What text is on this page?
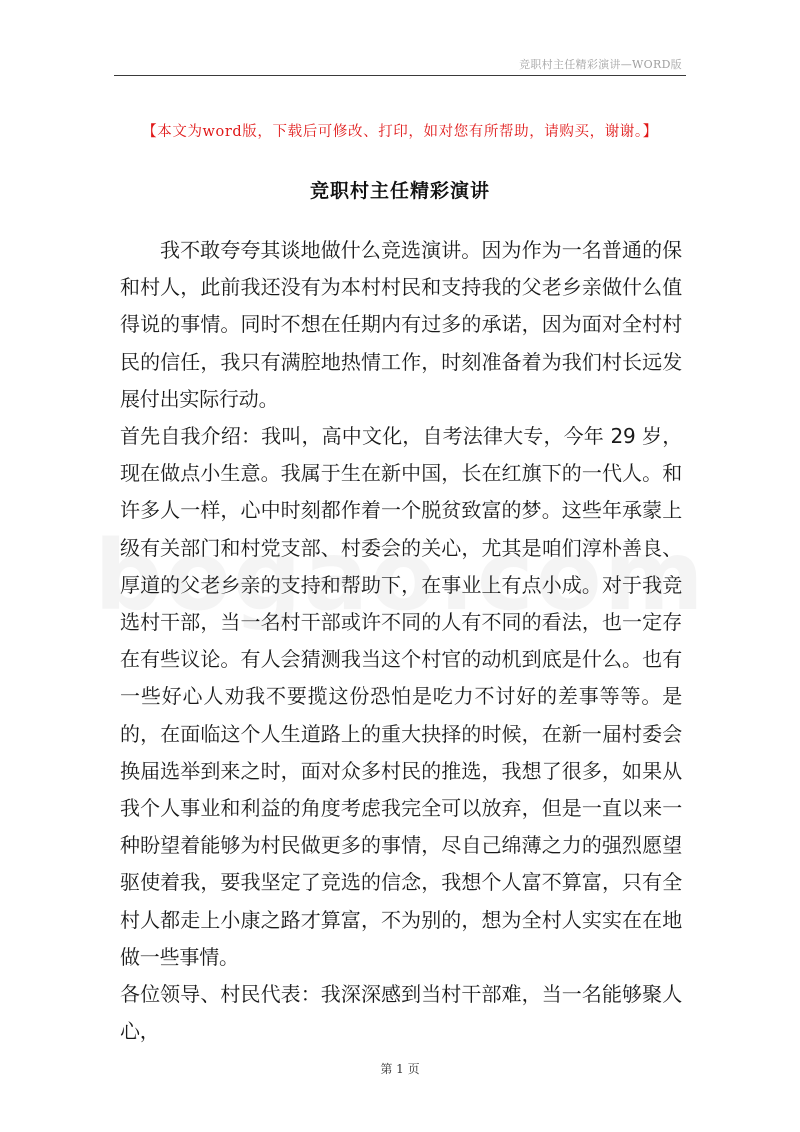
竞职村主任精彩演讲—WORD版
【本文为word版，下载后可修改、打印，如对您有所帮助，请购买，谢谢。】
竞职村主任精彩演讲

我不敢夸夸其谈地做什么竞选演讲。因为作为一名普通的保和村人，此前我还没有为本村村民和支持我的父老乡亲做什么值得说的事情。同时不想在任期内有过多的承诺，因为面对全村村民的信任，我只有满腔地热情工作，时刻准备着为我们村长远发展付出实际行动。

首先自我介绍：我叫，高中文化，自考法律大专，今年 29 岁，现在做点小生意。我属于生在新中国，长在红旗下的一代人。和许多人一样，心中时刻都作着一个脱贫致富的梦。这些年承蒙上级有关部门和村党支部、村委会的关心，尤其是咱们淳朴善良、厚道的父老乡亲的支持和帮助下，在事业上有点小成。对于我竞选村干部，当一名村干部或许不同的人有不同的看法，也一定存在有些议论。有人会猜测我当这个村官的动机到底是什么。也有一些好心人劝我不要揽这份恐怕是吃力不讨好的差事等等。是的，在面临这个人生道路上的重大抉择的时候，在新一届村委会换届选举到来之时，面对众多村民的推选，我想了很多，如果从我个人事业和利益的角度考虑我完全可以放弃，但是一直以来一种盼望着能够为村民做更多的事情，尽自己绵薄之力的强烈愿望驱使着我，要我坚定了竞选的信念，我想个人富不算富，只有全村人都走上小康之路才算富，不为别的，想为全村人实实在在地做一些事情。

各位领导、村民代表：我深深感到当村干部难，当一名能够聚人心，

第 1 页
